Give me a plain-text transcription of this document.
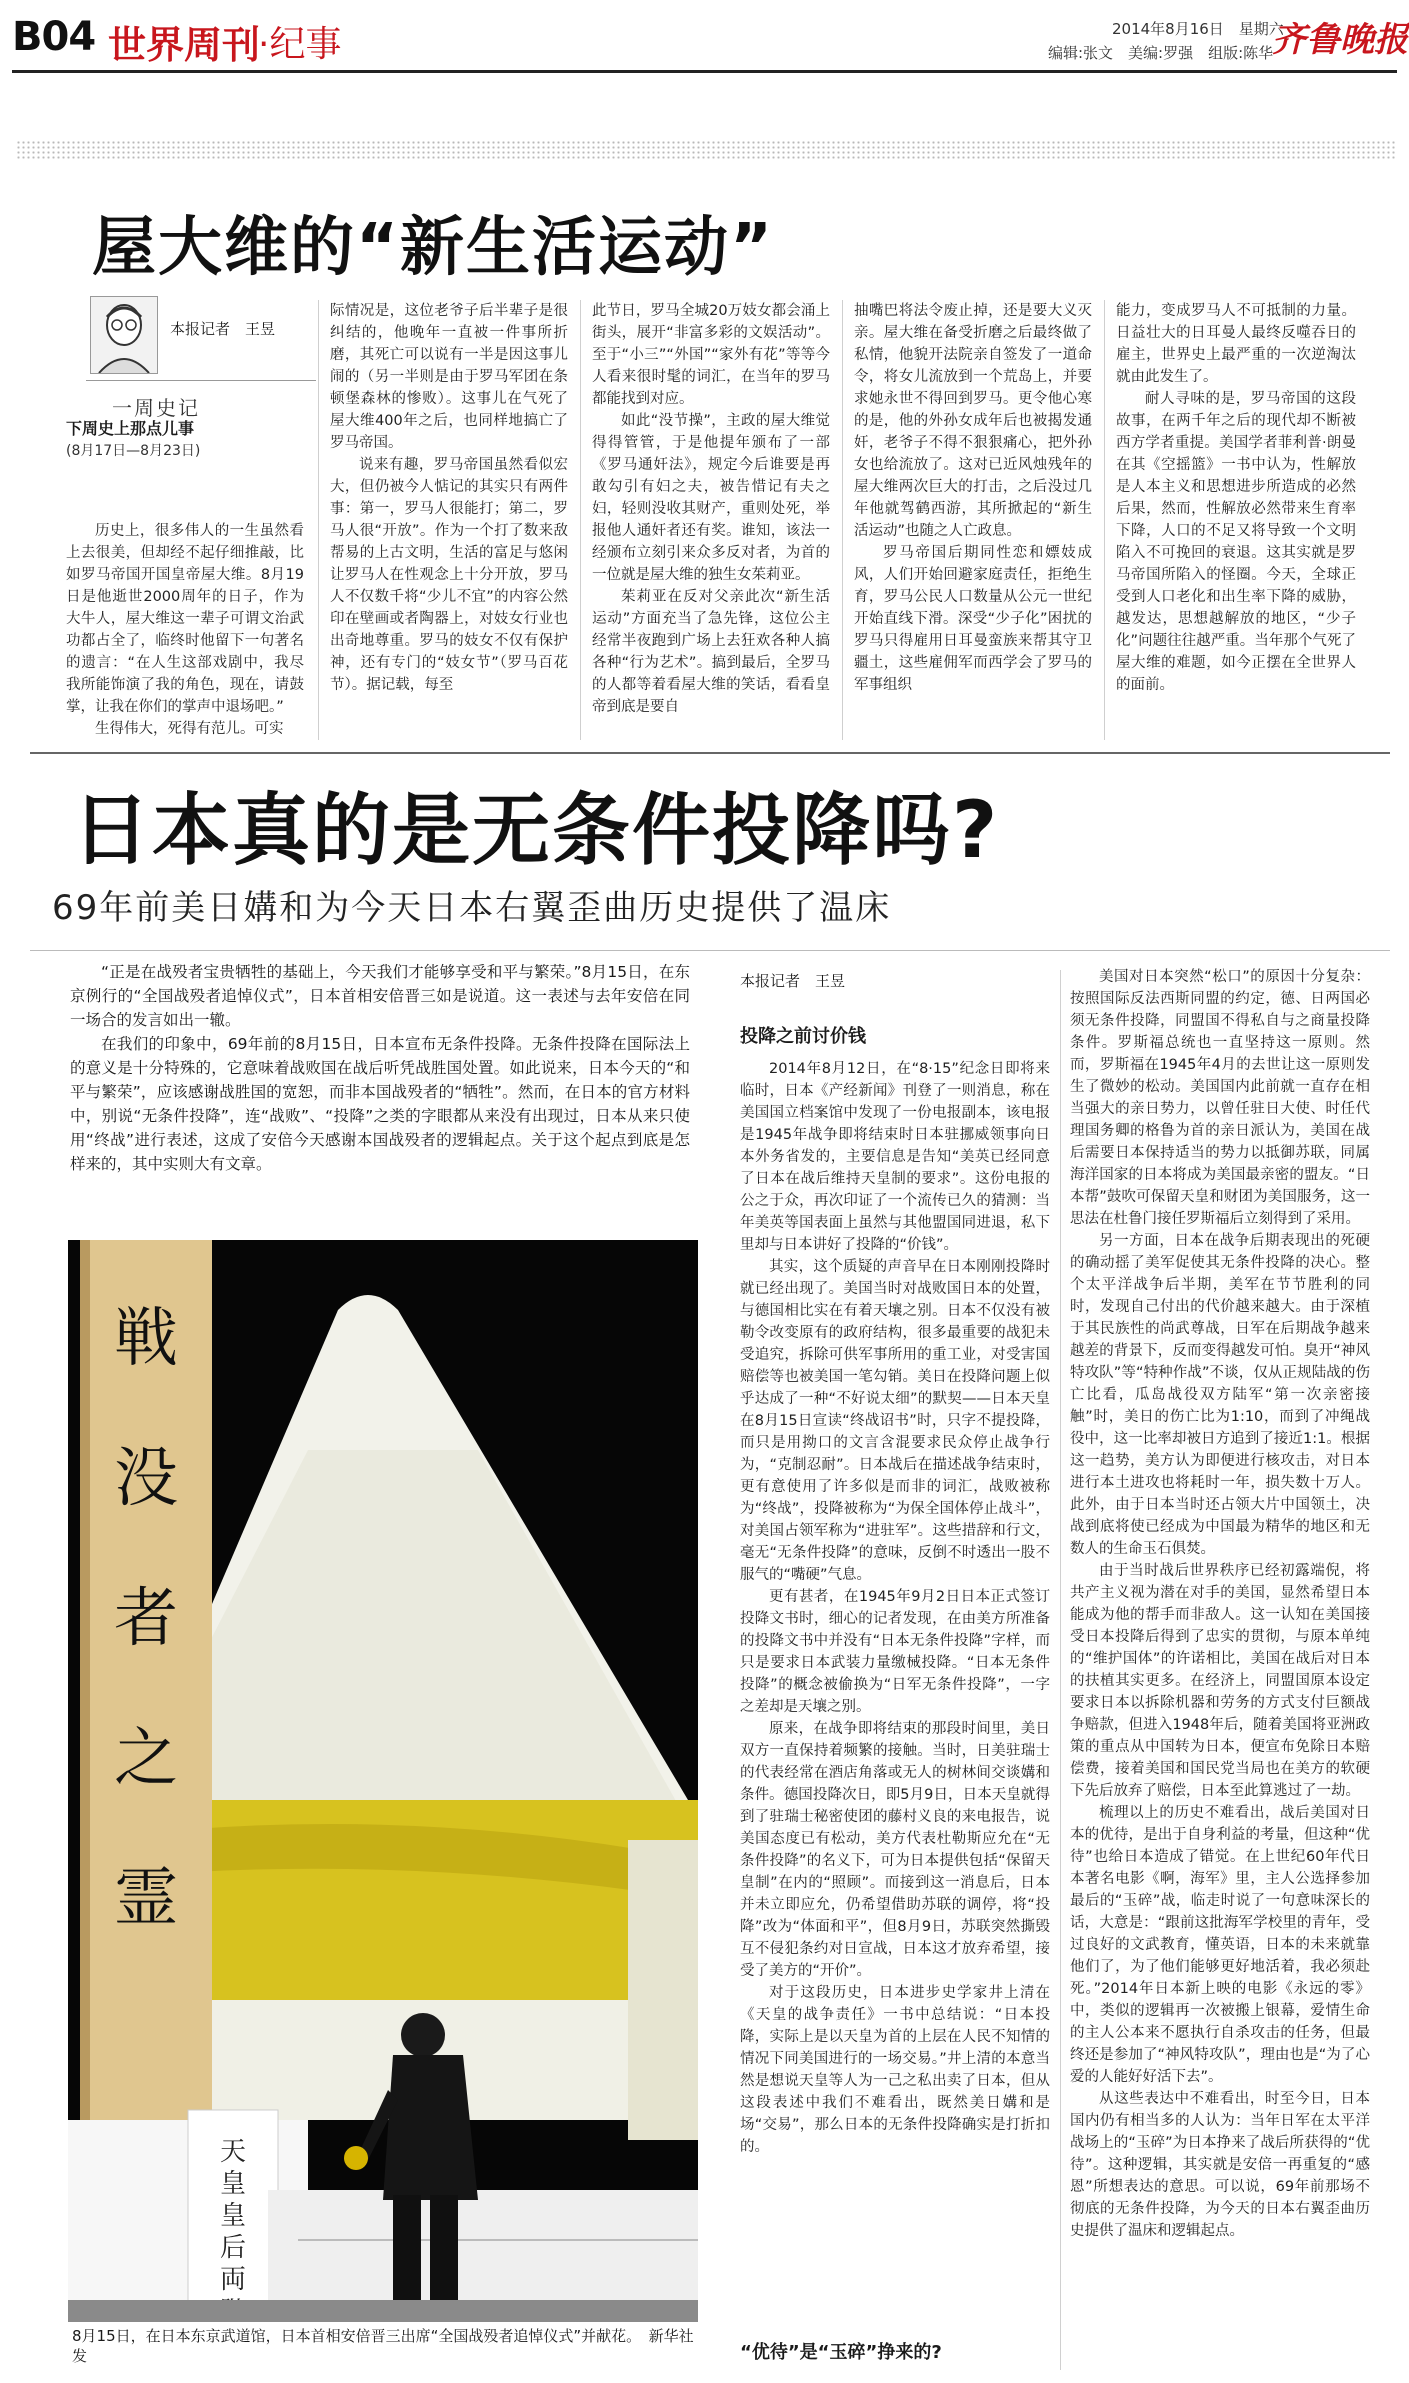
B04 世界周刊
·纪事	2014年8月16日　星期六
编辑:张文　美编:罗强　组版:陈华
齐鲁晚报
屋大维的“新生活运动”
本报记者　王昱
一周史记
下周史上那点儿事
(8月17日—8月23日)

历史上，很多伟人的一生虽然看上去很美，但却经不起仔细推敲，比如罗马帝国开国皇帝屋大维。8月19日是他逝世2000周年的日子，作为大牛人，屋大维这一辈子可谓文治武功都占全了，临终时他留下一句著名的遗言：“在人生这部戏剧中，我尽我所能饰演了我的角色，现在，请鼓掌，让我在你们的掌声中退场吧。”

生得伟大，死得有范儿。可实

际情况是，这位老爷子后半辈子是很纠结的，他晚年一直被一件事所折磨，其死亡可以说有一半是因这事儿闹的（另一半则是由于罗马军团在条顿堡森林的惨败）。这事儿在气死了屋大维400年之后，也同样地搞亡了罗马帝国。

说来有趣，罗马帝国虽然看似宏大，但仍被今人惦记的其实只有两件事：第一，罗马人很能打；第二，罗马人很“开放”。作为一个打了数来敌帮易的上古文明，生活的富足与悠闲让罗马人在性观念上十分开放，罗马人不仅数千将“少儿不宜”的内容公然印在壁画或者陶器上，对妓女行业也出奇地尊重。罗马的妓女不仅有保护神，还有专门的“妓女节”（罗马百花节）。据记载，每至

此节日，罗马全城20万妓女都会涌上街头，展开“非富多彩的文娱活动”。至于“小三”“外国”“家外有花”等等今人看来很时髦的词汇，在当年的罗马都能找到对应。

如此“没节操”，主政的屋大维觉得得管管，于是他提年颁布了一部《罗马通奸法》，规定今后谁要是再敢勾引有妇之夫，被告惜记有夫之妇，轻则没收其财产，重则处死，举报他人通奸者还有奖。谁知，该法一经颁布立刻引来众多反对者，为首的一位就是屋大维的独生女茱莉亚。

茱莉亚在反对父亲此次“新生活运动”方面充当了急先锋，这位公主经常半夜跑到广场上去狂欢各种人搞各种“行为艺术”。搞到最后，全罗马的人都等着看屋大维的笑话，看看皇帝到底是要自

抽嘴巴将法令废止掉，还是要大义灭亲。屋大维在备受折磨之后最终做了私情，他貌开法院亲自签发了一道命令，将女儿流放到一个荒岛上，并要求她永世不得回到罗马。更令他心寒的是，他的外孙女成年后也被揭发通奸，老爷子不得不狠狠痛心，把外孙女也给流放了。这对已近风烛残年的屋大维两次巨大的打击，之后没过几年他就驾鹤西游，其所掀起的“新生活运动”也随之人亡政息。

罗马帝国后期同性恋和嫖妓成风，人们开始回避家庭责任，拒绝生育，罗马公民人口数量从公元一世纪开始直线下滑。深受“少子化”困扰的罗马只得雇用日耳曼蛮族来帮其守卫疆土，这些雇佣军而西学会了罗马的军事组织

能力，变成罗马人不可抵制的力量。日益壮大的日耳曼人最终反噬吞日的雇主，世界史上最严重的一次逆淘汰就由此发生了。

耐人寻味的是，罗马帝国的这段故事，在两千年之后的现代却不断被西方学者重提。美国学者菲利普·朗曼在其《空摇篮》一书中认为，性解放是人本主义和思想进步所造成的必然后果，然而，性解放必然带来生育率下降，人口的不足又将导致一个文明陷入不可挽回的衰退。这其实就是罗马帝国所陷入的怪圈。今天，全球正受到人口老化和出生率下降的威胁，越发达，思想越解放的地区，“少子化”问题往往越严重。当年那个气死了屋大维的难题，如今正摆在全世界人的面前。

日本真的是无条件投降吗?
69年前美日媾和为今天日本右翼歪曲历史提供了温床

“正是在战殁者宝贵牺牲的基础上，今天我们才能够享受和平与繁荣。”8月15日，在东京例行的“全国战殁者追悼仪式”，日本首相安倍晋三如是说道。这一表述与去年安倍在同一场合的发言如出一辙。

在我们的印象中，69年前的8月15日，日本宣布无条件投降。无条件投降在国际法上的意义是十分特殊的，它意味着战败国在战后听凭战胜国处置。如此说来，日本今天的“和平与繁荣”，应该感谢战胜国的宽恕，而非本国战殁者的“牺牲”。然而，在日本的官方材料中，别说“无条件投降”，连“战败”、“投降”之类的字眼都从来没有出现过，日本从来只使用“终战”进行表述，这成了安倍今天感谢本国战殁者的逻辑起点。关于这个起点到底是怎样来的，其中实则大有文章。

戦没者之霊
天皇皇后両
8月15日，在日本东京武道馆，日本首相安倍晋三出席“全国战殁者追悼仪式”并献花。　新华社发
本报记者　王昱
投降之前讨价钱

2014年8月12日，在“8·15”纪念日即将来临时，日本《产经新闻》刊登了一则消息，称在美国国立档案馆中发现了一份电报副本，该电报是1945年战争即将结束时日本驻挪威领事向日本外务省发的，主要信息是告知“美英已经同意了日本在战后维持天皇制的要求”。这份电报的公之于众，再次印证了一个流传已久的猜测：当年美英等国表面上虽然与其他盟国同进退，私下里却与日本讲好了投降的“价钱”。

其实，这个质疑的声音早在日本刚刚投降时就已经出现了。美国当时对战败国日本的处置，与德国相比实在有着天壤之别。日本不仅没有被勒令改变原有的政府结构，很多最重要的战犯未受追究，拆除可供军事所用的重工业，对受害国赔偿等也被美国一笔勾销。美日在投降问题上似乎达成了一种“不好说太细”的默契——日本天皇在8月15日宣读“终战诏书”时，只字不提投降，而只是用拗口的文言含混要求民众停止战争行为，“克制忍耐”。日本战后在描述战争结束时，更有意使用了许多似是而非的词汇，战败被称为“终战”，投降被称为“为保全国体停止战斗”，对美国占领军称为“进驻军”。这些措辞和行文，毫无“无条件投降”的意味，反倒不时透出一股不服气的“嘴硬”气息。

更有甚者，在1945年9月2日日本正式签订投降文书时，细心的记者发现，在由美方所准备的投降文书中并没有“日本无条件投降”字样，而只是要求日本武装力量缴械投降。“日本无条件投降”的概念被偷换为“日军无条件投降”，一字之差却是天壤之别。

原来，在战争即将结束的那段时间里，美日双方一直保持着频繁的接触。当时，日美驻瑞士的代表经常在酒店角落或无人的树林间交谈媾和条件。德国投降次日，即5月9日，日本天皇就得到了驻瑞士秘密使团的藤村义良的来电报告，说美国态度已有松动，美方代表杜勒斯应允在“无条件投降”的名义下，可为日本提供包括“保留天皇制”在内的“照顾”。而接到这一消息后，日本并未立即应允，仍希望借助苏联的调停，将“投降”改为“体面和平”，但8月9日，苏联突然撕毁互不侵犯条约对日宣战，日本这才放弃希望，接受了美方的“开价”。

对于这段历史，日本进步史学家井上清在《天皇的战争责任》一书中总结说：“日本投降，实际上是以天皇为首的上层在人民不知情的情况下同美国进行的一场交易。”井上清的本意当然是想说天皇等人为一己之私出卖了日本，但从这段表述中我们不难看出，既然美日媾和是场“交易”，那么日本的无条件投降确实是打折扣的。

“优待”是“玉碎”挣来的?

美国对日本突然“松口”的原因十分复杂：按照国际反法西斯同盟的约定，德、日两国必须无条件投降，同盟国不得私自与之商量投降条件。罗斯福总统也一直坚持这一原则。然而，罗斯福在1945年4月的去世让这一原则发生了微妙的松动。美国国内此前就一直存在相当强大的亲日势力，以曾任驻日大使、时任代理国务卿的格鲁为首的亲日派认为，美国在战后需要日本保持适当的势力以抵御苏联，同属海洋国家的日本将成为美国最亲密的盟友。“日本帮”鼓吹可保留天皇和财团为美国服务，这一思法在杜鲁门接任罗斯福后立刻得到了采用。

另一方面，日本在战争后期表现出的死硬的确动摇了美军促使其无条件投降的决心。整个太平洋战争后半期，美军在节节胜利的同时，发现自己付出的代价越来越大。由于深植于其民族性的尚武尊战，日军在后期战争越来越差的背景下，反而变得越发可怕。臭开“神风特攻队”等“特种作战”不谈，仅从正规陆战的伤亡比看，瓜岛战役双方陆军“第一次亲密接触”时，美日的伤亡比为1:10，而到了冲绳战役中，这一比率却被日方追到了接近1:1。根据这一趋势，美方认为即便进行核攻击，对日本进行本土进攻也将耗时一年，损失数十万人。此外，由于日本当时还占领大片中国领土，决战到底将使已经成为中国最为精华的地区和无数人的生命玉石俱焚。

由于当时战后世界秩序已经初露端倪，将共产主义视为潜在对手的美国，显然希望日本能成为他的帮手而非敌人。这一认知在美国接受日本投降后得到了忠实的贯彻，与原本单纯的“维护国体”的许诺相比，美国在战后对日本的扶植其实更多。在经济上，同盟国原本设定要求日本以拆除机器和劳务的方式支付巨额战争赔款，但进入1948年后，随着美国将亚洲政策的重点从中国转为日本，便宣布免除日本赔偿费，接着美国和国民党当局也在美方的软硬下先后放弃了赔偿，日本至此算逃过了一劫。

梳理以上的历史不难看出，战后美国对日本的优待，是出于自身利益的考量，但这种“优待”也给日本造成了错觉。在上世纪60年代日本著名电影《啊，海军》里，主人公选择参加最后的“玉碎”战，临走时说了一句意味深长的话，大意是：“跟前这批海军学校里的青年，受过良好的文武教育，懂英语，日本的未来就靠他们了，为了他们能够更好地活着，我必须赴死。”2014年日本新上映的电影《永远的零》中，类似的逻辑再一次被搬上银幕，爱情生命的主人公本来不愿执行自杀攻击的任务，但最终还是参加了“神风特攻队”，理由也是“为了心爱的人能好好活下去”。

从这些表达中不难看出，时至今日，日本国内仍有相当多的人认为：当年日军在太平洋战场上的“玉碎”为日本挣来了战后所获得的“优待”。这种逻辑，其实就是安倍一再重复的“感恩”所想表达的意思。可以说，69年前那场不彻底的无条件投降，为今天的日本右翼歪曲历史提供了温床和逻辑起点。
